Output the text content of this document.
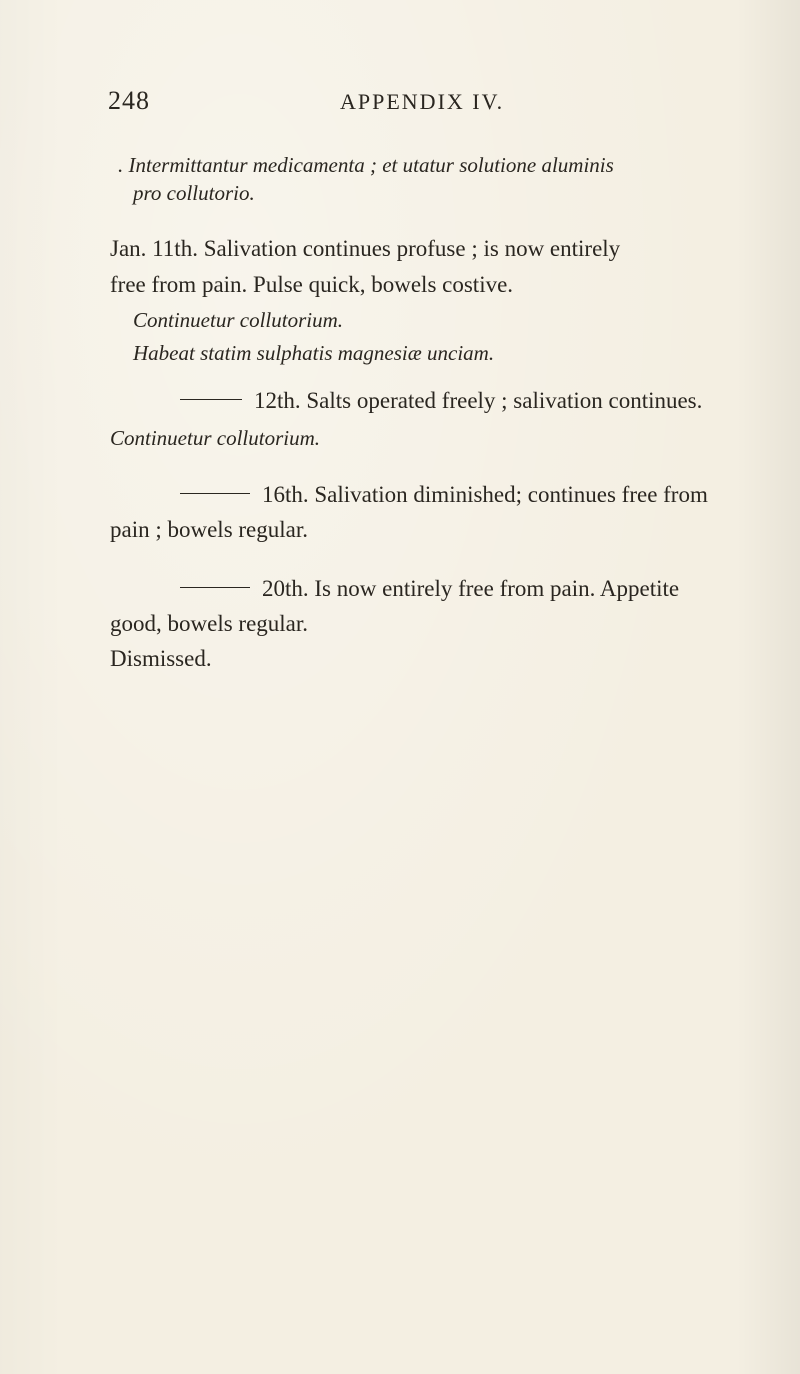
248	APPENDIX IV.
. Intermittantur medicamenta ; et utatur solutione aluminis
pro collutorio.
Jan. 11th. Salivation continues profuse ; is now entirely
free from pain. Pulse quick, bowels costive.
Continuetur collutorium.
Habeat statim sulphatis magnesiæ unciam.
12th. Salts operated freely ; salivation continues.
Continuetur collutorium.
16th. Salivation diminished; continues free from
pain ; bowels regular.
20th. Is now entirely free from pain. Appetite
good, bowels regular.
Dismissed.
